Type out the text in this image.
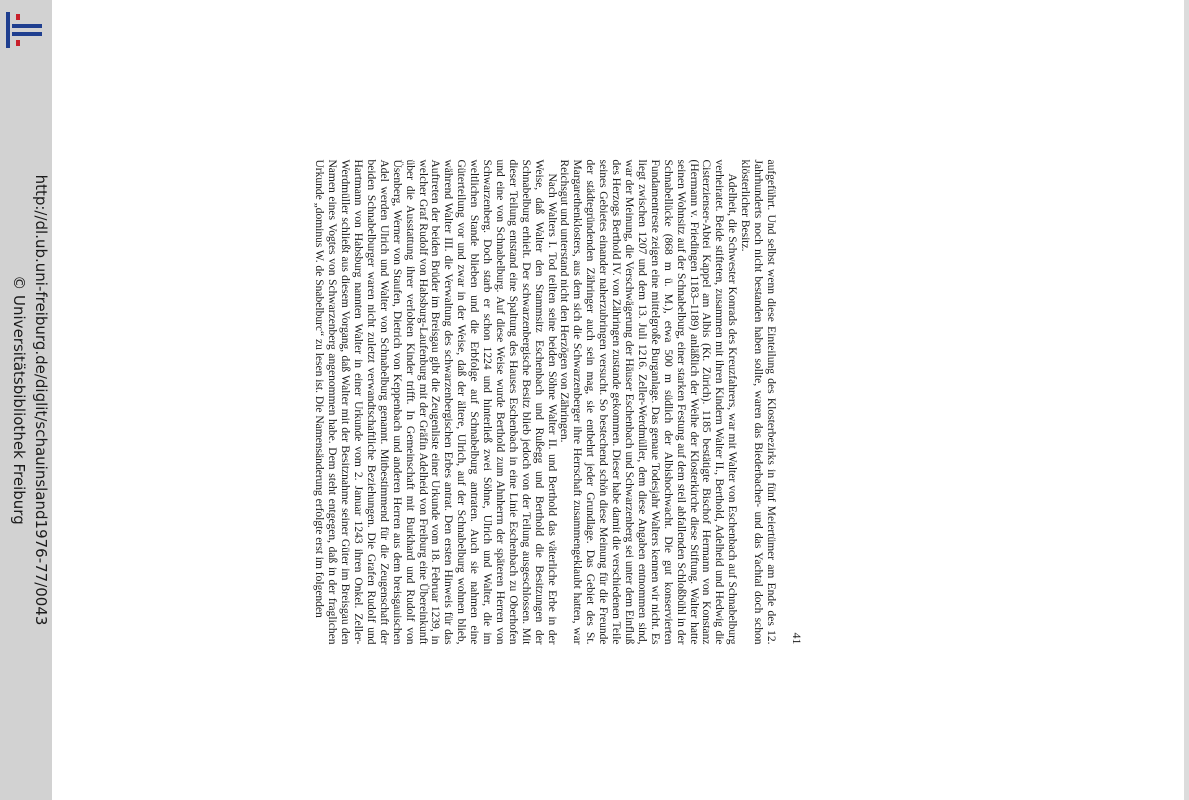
http://dl.ub.uni-freiburg.de/diglit/schauinsland1976-77/0043
© Universitätsbibliothek Freiburg
41

aufgeführt. Und selbst wenn diese Einteilung des Klosterbezirks in fünf Meiertümer am Ende des 12. Jahrhunderts noch nicht bestanden haben sollte, waren das Biederbacher- und das Yachtal doch schon klösterlicher Besitz.

Adelheit, die Schwester Konrads des Kreuzfahrers, war mit Walter von Eschenbach auf Schnabelburg verheiratet. Beide stifteten, zusammen mit ihren Kindern Walter II., Berthold, Adelheid und Hedwig die Cisterzienser-Abtei Kappel am Albis (Kt. Zürich). 1185 bestätigte Bischof Hermann von Konstanz (Hermann v. Friedingen 1183–1189) anläßlich der Weihe der Klosterkirche diese Stiftung. Walter hatte seinen Wohnsitz auf der Schnabelburg, einer starken Festung auf dem steil abfallenden Schloßbühl in der Schnabellücke (868 m ü. M.), etwa 500 m südlich der Albishochwacht. Die gut konservierten Fundamentreste zeigen eine mittelgroße Burganlage. Das genaue Todesjahr Walters kennen wir nicht. Es liegt zwischen 1207 und dem 13. Juli 1216. Zeller-Werdmüller, dem diese Angaben entnommen sind, war der Meinung, die Verschwägerung der Häuser Eschenbach und Schwarzenberg sei unter dem Einfluß des Herzogs Berthold IV. von Zähringen zustande gekommen. Dieser habe damit die verschiedenen Teile seines Gebietes einander naherzubringen versucht. So bestechend schön diese Meinung für die Freunde der städtegründenden Zähringer auch sein mag, sie entbehrt jeder Grundlage. Das Gebiet des St. Margarethenklosters, aus dem sich die Schwarzenberger ihre Herrschaft zusammengeklaubt hatten, war Reichsgut und unterstand nicht den Herzögen von Zähringen.

Nach Walters I. Tod teilten seine beiden Söhne Walter II. und Berthold das väterliche Erbe in der Weise, daß Walter den Stammsitz Eschenbach und Rußegg und Berthold die Besitzungen der Schnabelburg erhielt. Der schwarzenbergische Besitz blieb jedoch von der Teilung ausgeschlossen. Mit dieser Teilung entstand eine Spaltung des Hauses Eschenbach in eine Linie Eschenbach zu Oberhofen und eine von Schnabelburg. Auf diese Weise wurde Berthold zum Ahnherrn der späteren Herren von Schwarzenberg. Doch starb er schon 1224 und hinterließ zwei Söhne, Ulrich und Walter, die im weltlichen Stande blieben und die Erbfolge auf Schnabelburg antraten. Auch sie nahmen eine Güterteilung vor und zwar in der Weise, daß der ältere, Ulrich, auf der Schnabelburg wohnen blieb, während Walter III. die Verwaltung des schwarzenbergischen Erbes antrat. Den ersten Hinweis für das Auftreten der beiden Brüder im Breisgau gibt die Zeugenliste einer Urkunde vom 18. Februar 1239, in welcher Graf Rudolf von Habsburg-Laufenburg mit der Gräfin Adelheid von Freiburg eine Übereinkunft über die Ausstattung ihrer verlobten Kinder trifft. In Gemeinschaft mit Burkhard und Rudolf von Üsenberg, Werner von Staufen, Dietrich von Keppenbach und anderen Herren aus dem breisgauischen Adel werden Ulrich und Walter von Schnabelburg genannt. Mitbestimmend für die Zeugenschaft der beiden Schnabelburger waren nicht zuletzt verwandtschaftliche Beziehungen. Die Grafen Rudolf und Hartmann von Habsburg nannten Walter in einer Urkunde vom 2. Januar 1243 ihren Onkel. Zeller-Werdmüller schließt aus diesem Vorgang, daß Walter mit der Besitznahme seiner Güter im Breisgau den Namen eines Vogtes von Schwarzenberg angenommen habe. Dem steht entgegen, daß in der fraglichen Urkunde „dominus W. de Snabelburc“ zu lesen ist. Die Namensänderung erfolgte erst im folgenden
